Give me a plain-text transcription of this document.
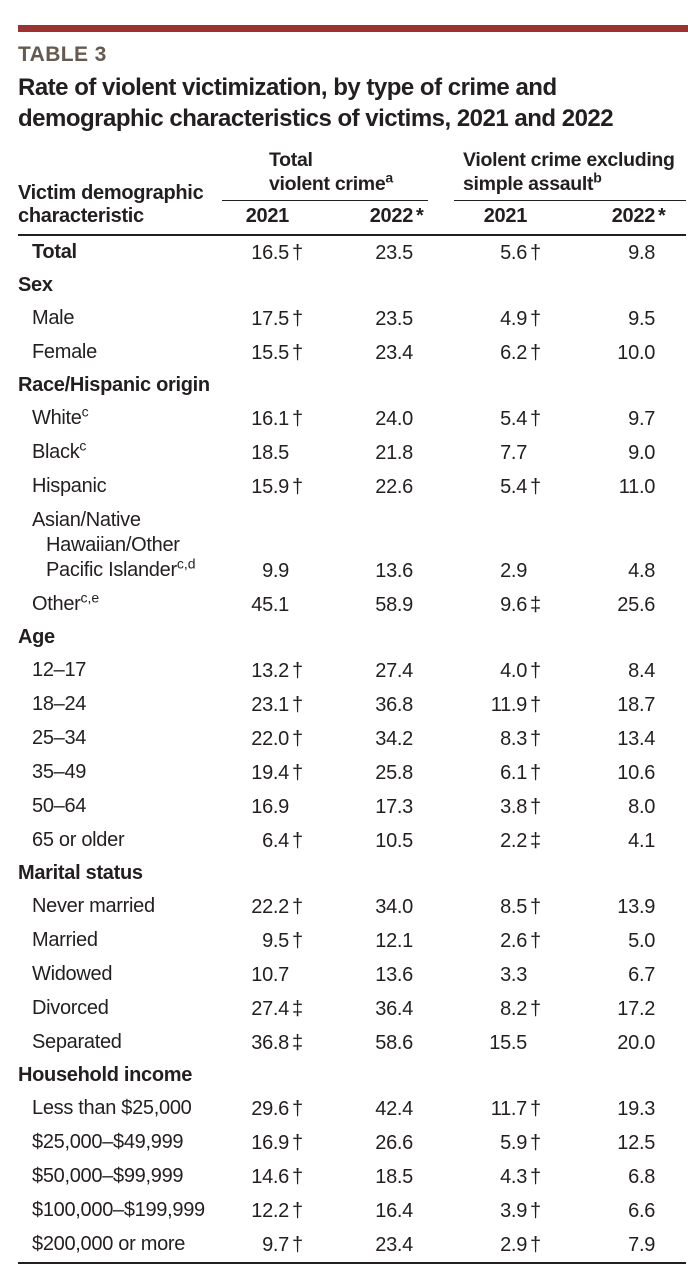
TABLE 3
Rate of violent victimization, by type of crime and
demographic characteristics of victims, 2021 and 2022
Victim demographic
characteristic	Total
violent crime$^a$			Violent crime excluding
simple assault$^b$

	2021	2022 *		2021	2022 *

Total	16.5 †	23.5		5.6 †	9.8
Sex					

Male	17.5 †	23.5		4.9 †	9.5

Female	15.5 †	23.4		6.2 †	10.0
Race/Hispanic origin					

White$^c$	16.1 †	24.0		5.4 †	9.7

Black$^c$	18.5	21.8		7.7	9.0

Hispanic	15.9 †	22.6		5.4 †	11.0

Asian/Native
Hawaiian/Other
Pacific Islander$^{c,d}$	9.9	13.6		2.9	4.8

Other$^{c,e}$	45.1	58.9		9.6 ‡	25.6
Age					

12–17	13.2 †	27.4		4.0 †	8.4

18–24	23.1 †	36.8		11.9 †	18.7

25–34	22.0 †	34.2		8.3 †	13.4

35–49	19.4 †	25.8		6.1 †	10.6

50–64	16.9	17.3		3.8 †	8.0

65 or older	6.4 †	10.5		2.2 ‡	4.1
Marital status					

Never married	22.2 †	34.0		8.5 †	13.9

Married	9.5 †	12.1		2.6 †	5.0

Widowed	10.7	13.6		3.3	6.7

Divorced	27.4 ‡	36.4		8.2 †	17.2

Separated	36.8 ‡	58.6		15.5	20.0
Household income					

Less than $25,000	29.6 †	42.4		11.7 †	19.3

$25,000–$49,999	16.9 †	26.6		5.9 †	12.5

$50,000–$99,999	14.6 †	18.5		4.3 †	6.8

$100,000–$199,999	12.2 †	16.4		3.9 †	6.6

$200,000 or more	9.7 †	23.4		2.9 †	7.9
